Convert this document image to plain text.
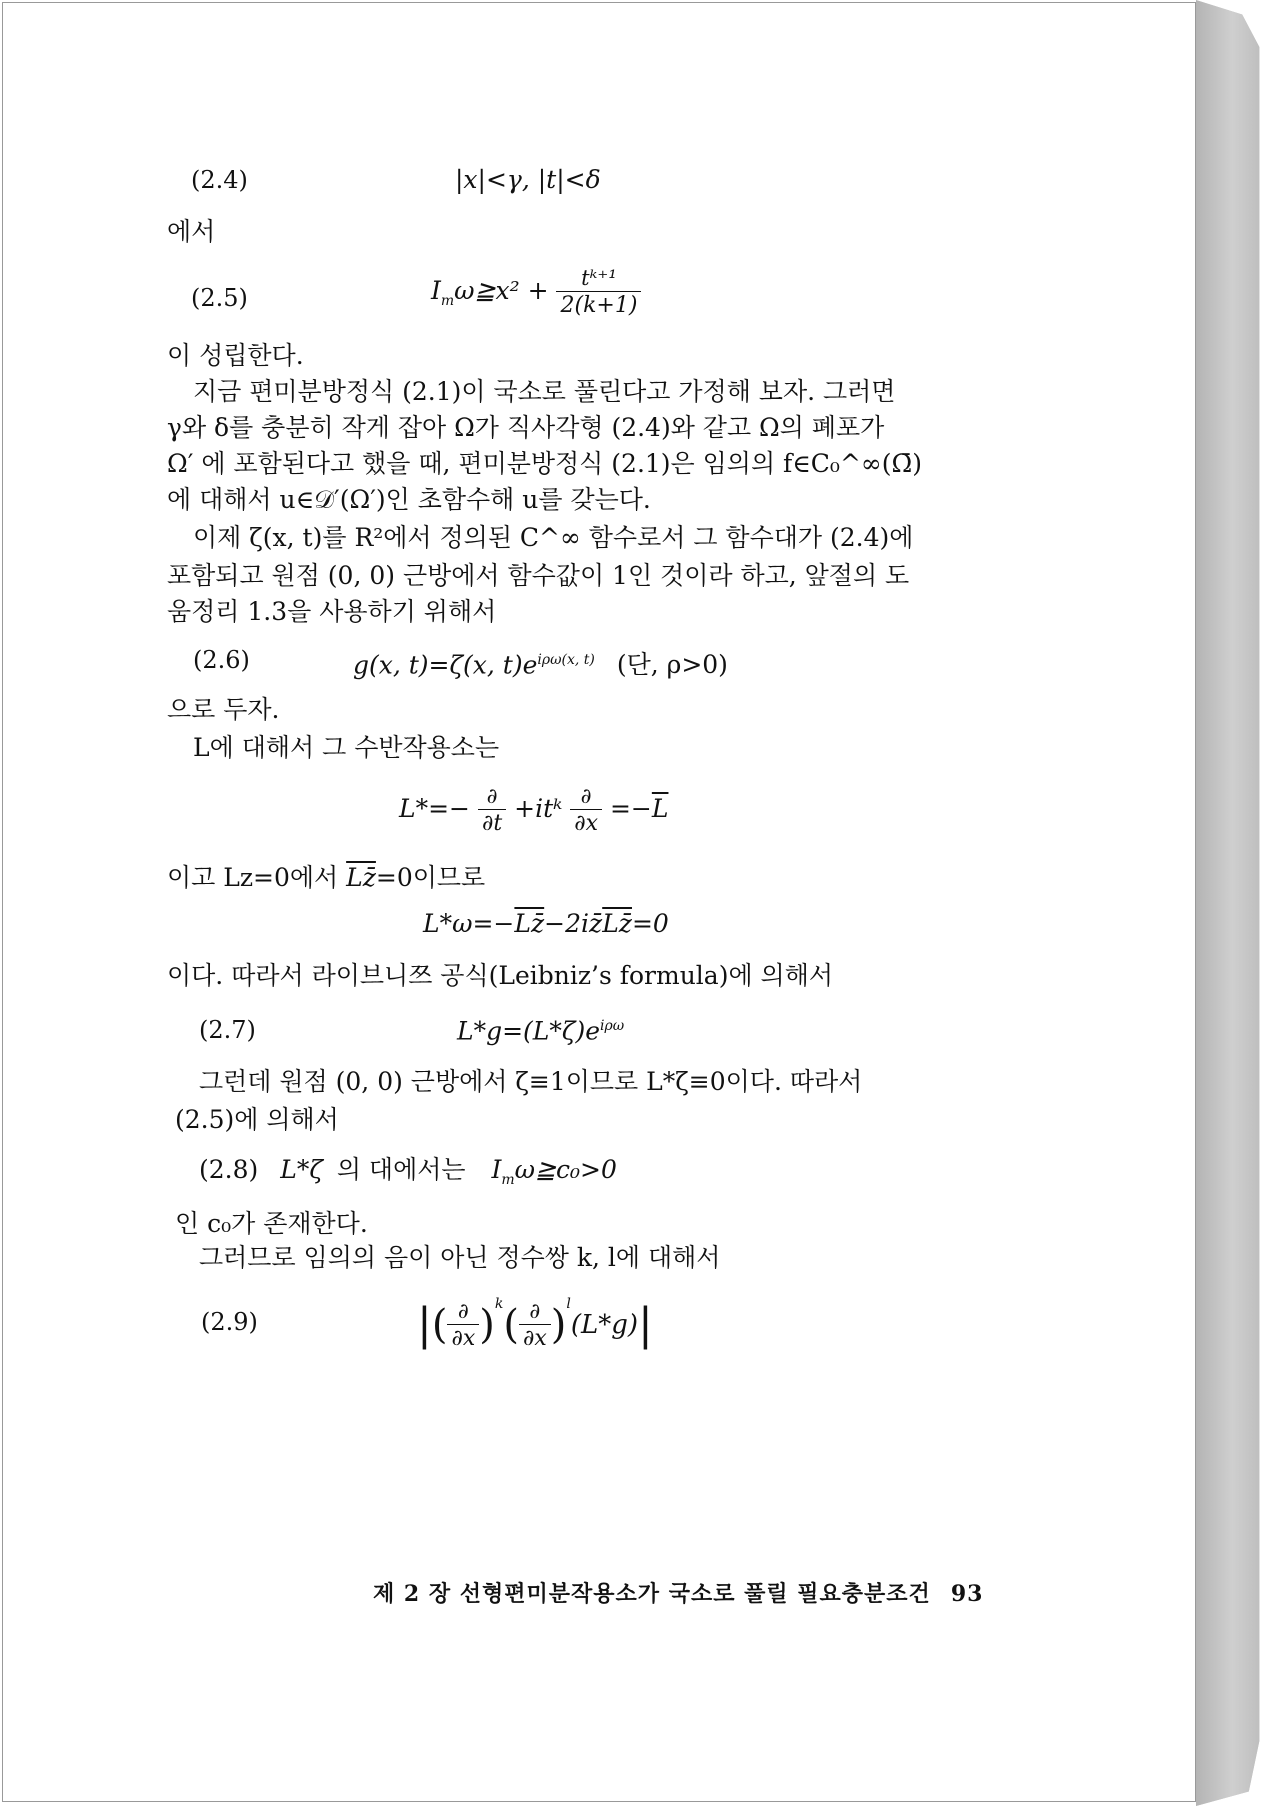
(2.4)	|x|<γ, |t|<δ
에서
(2.5)	$I_m\omega≧x^2 + \frac{\text{tᵏ⁺¹}}{2(k+1)}$
이 성립한다.
지금 편미분방정식 (2.1)이 국소로 풀린다고 가정해 보자. 그러면
γ와 δ를 충분히 작게 잡아 Ω가 직사각형 (2.4)와 같고 Ω의 폐포가
Ω′ 에 포함된다고 했을 때, 편미분방정식 (2.1)은 임의의 f∈C₀^∞(Ω̄)
에 대해서 u∈𝒟′(Ω′)인 초함수해 u를 갖는다.
이제 ζ(x, t)를 R²에서 정의된 C^∞ 함수로서 그 함수대가 (2.4)에
포함되고 원점 (0, 0) 근방에서 함수값이 1인 것이라 하고, 앞절의 도
움정리 1.3을 사용하기 위해서
(2.6)	g(x, t)=ζ(x, $t)e^{i\rho\omega(x, t)}$ (단, ρ>0)
으로 두자.
L에 대해서 그 수반작용소는
$L*=- \frac{\partial}{\partial t}$ +itᵏ $\frac{\partial}{\partial x} =-\overline{L}$
이고 Lz=0에서 Lz̄=0이므로
L*ω=−Lz̄−2iz̄Lz̄=0
이다. 따라서 라이브니쯔 공식(Leibniz’s formula)에 의해서
(2.7)	$L*g=(L*\zeta)e^{i\rho\omega}$
그런데 원점 (0, 0) 근방에서 ζ≡1이므로 L*ζ≡0이다. 따라서
(2.5)에 의해서
(2.8) L*ζ 의 대에서는 $I_m\omega≧c_0>0$
인 c₀가 존재한다.
그러므로 임의의 음이 아닌 정수쌍 k, l에 대해서
(2.9)	|( $\frac{\partial}{\partial x} )^k( \frac{\partial}{\partial x} )^l(L*g)|$
제 2 장 선형편미분작용소가 국소로 풀릴 필요충분조건 93
